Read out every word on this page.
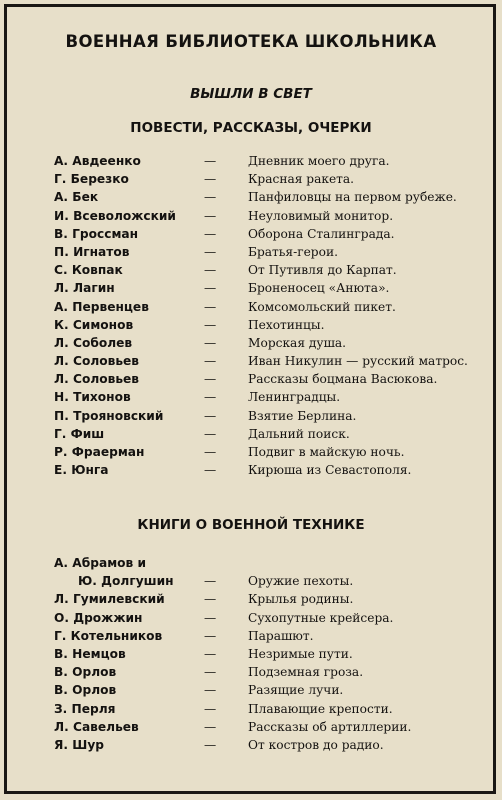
ВОЕННАЯ БИБЛИОТЕКА ШКОЛЬНИКА
ВЫШЛИ В СВЕТ
ПОВЕСТИ, РАССКАЗЫ, ОЧЕРКИ
А. Авдеенко	—	Дневник моего друга.
Г. Березко	—	Красная ракета.
А. Бек	—	Панфиловцы на первом рубеже.
И. Всеволожский —	Неуловимый монитор.
В. Гроссман	—	Оборона Сталинграда.
П. Игнатов	—	Братья-герои.
С. Ковпак	—	От Путивля до Карпат.
Л. Лагин	—	Броненосец «Анюта».
А. Первенцев	—	Комсомольский пикет.
К. Симонов	—	Пехотинцы.
Л. Соболев	—	Морская душа.
Л. Соловьев	—	Иван Никулин — русский матрос.
Л. Соловьев	—	Рассказы боцмана Васюкова.
Н. Тихонов	—	Ленинградцы.
П. Трояновский	—	Взятие Берлина.
Г. Фиш	—	Дальний поиск.
Р. Фраерман	—	Подвиг в майскую ночь.
Е. Юнга	—	Кирюша из Севастополя.
КНИГИ О ВОЕННОЙ ТЕХНИКЕ
А. Абрамов и
Ю. Долгушин —	Оружие пехоты.
Л. Гумилевский	—	Крылья родины.
О. Дрожжин	—	Сухопутные крейсера.
Г. Котельников	—	Парашют.
В. Немцов	—	Незримые пути.
В. Орлов	—	Подземная гроза.
В. Орлов	—	Разящие лучи.
З. Перля	—	Плавающие крепости.
Л. Савельев	—	Рассказы об артиллерии.
Я. Шур	—	От костров до радио.
